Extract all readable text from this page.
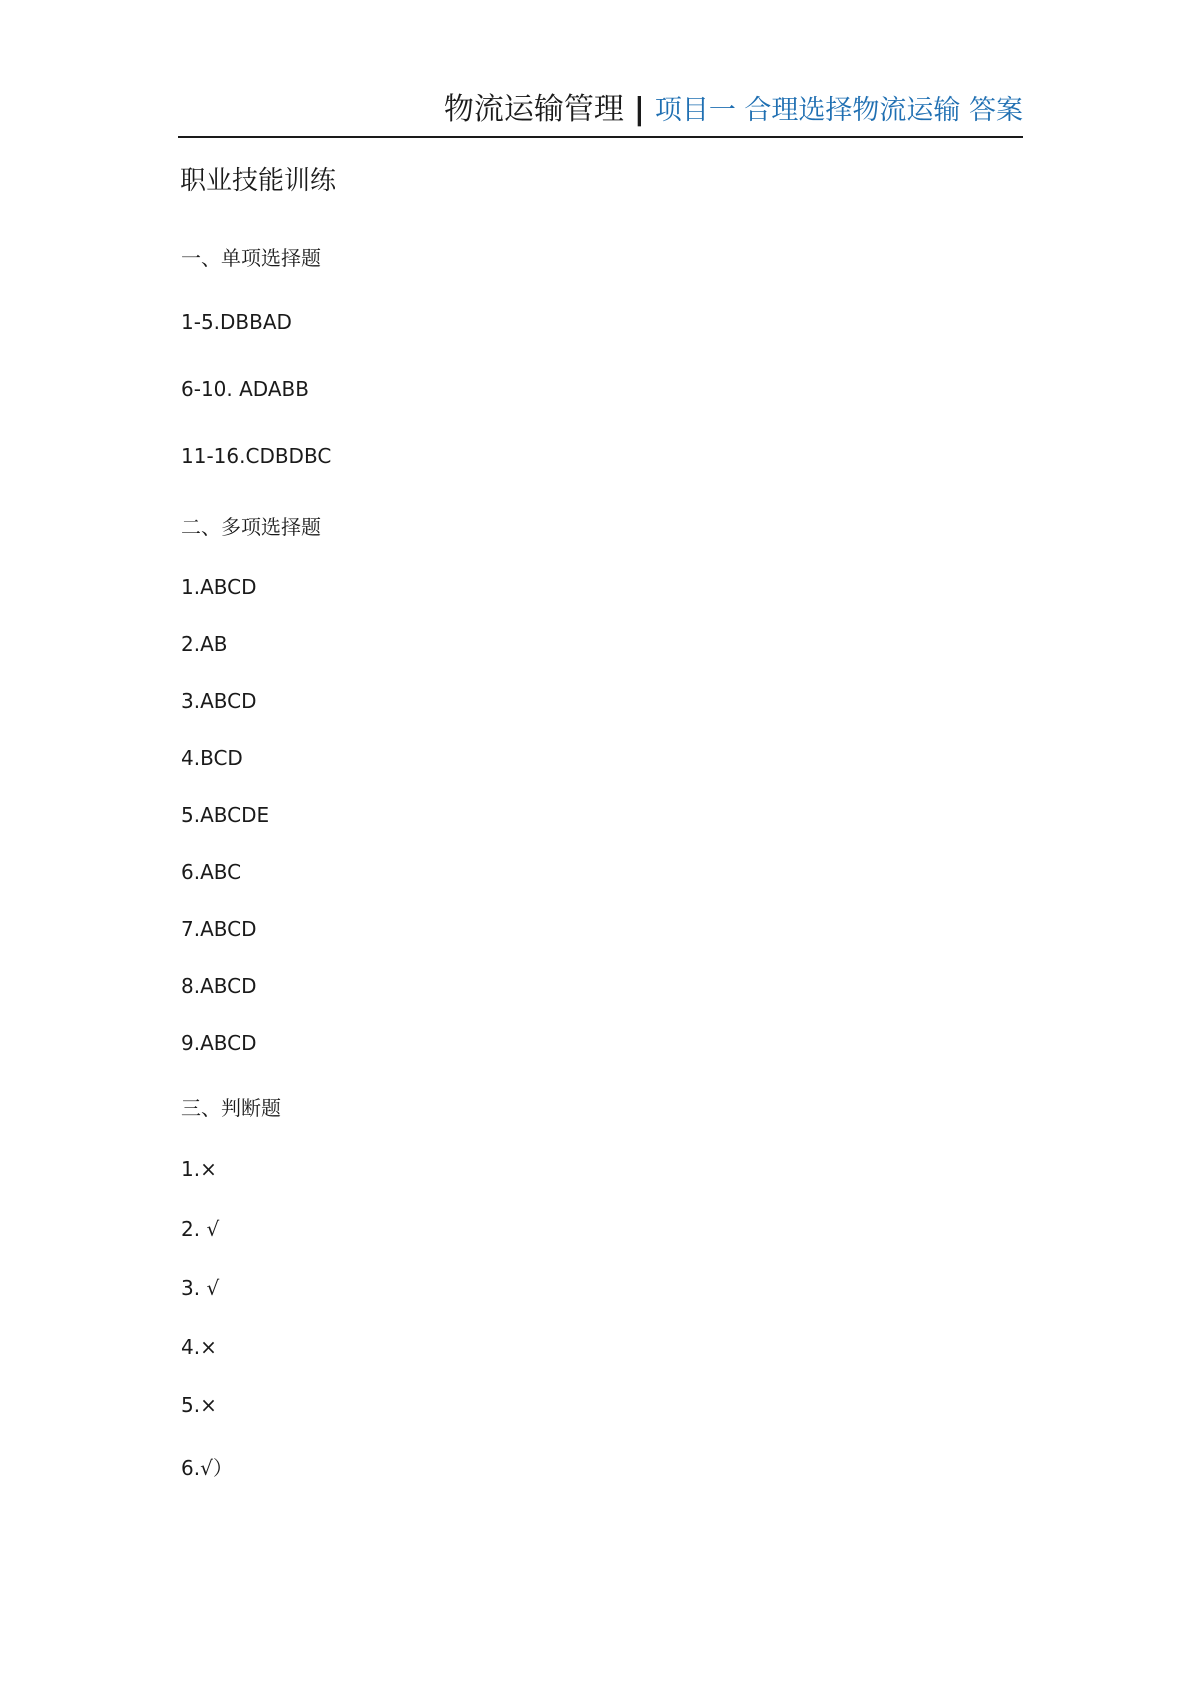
物流运输管理 | 项目一 合理选择物流运输 答案
职业技能训练
一、单项选择题
1-5.DBBAD
6-10. ADABB
11-16.CDBDBC
二、多项选择题
1.ABCD
2.AB
3.ABCD
4.BCD
5.ABCDE
6.ABC
7.ABCD
8.ABCD
9.ABCD
三、判断题
1.×
2. √
3. √
4.×
5.×
6.√）
